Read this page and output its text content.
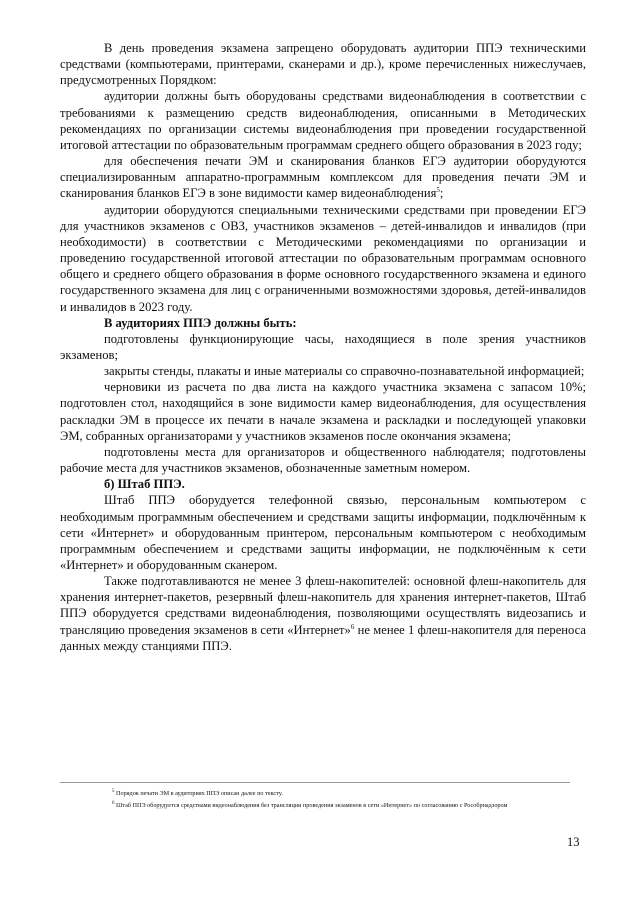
В день проведения экзамена запрещено оборудовать аудитории ППЭ техническими средствами (компьютерами, принтерами, сканерами и др.), кроме перечисленных нижеслучаев, предусмотренных Порядком:

аудитории должны быть оборудованы средствами видеонаблюдения в соответствии с требованиями к размещению средств видеонаблюдения, описанными в Методических рекомендациях по организации системы видеонаблюдения при проведении государственной итоговой аттестации по образовательным программам среднего общего образования в 2023 году;

для обеспечения печати ЭМ и сканирования бланков ЕГЭ аудитории оборудуются специализированным аппаратно-программным комплексом для проведения печати ЭМ и сканирования бланков ЕГЭ в зоне видимости камер видеонаблюдения$^5$;

аудитории оборудуются специальными техническими средствами при проведении ЕГЭ для участников экзаменов с ОВЗ, участников экзаменов – детей-инвалидов и инвалидов (при необходимости) в соответствии с Методическими рекомендациями по организации и проведению государственной итоговой аттестации по образовательным программам основного общего и среднего общего образования в форме основного государственного экзамена и единого государственного экзамена для лиц с ограниченными возможностями здоровья, детей-инвалидов и инвалидов в 2023 году.

В аудиториях ППЭ должны быть:

подготовлены функционирующие часы, находящиеся в поле зрения участников экзаменов;

закрыты стенды, плакаты и иные материалы со справочно-познавательной информацией;

черновики из расчета по два листа на каждого участника экзамена с запасом 10%; подготовлен стол, находящийся в зоне видимости камер видеонаблюдения, для осуществления раскладки ЭМ в процессе их печати в начале экзамена и раскладки и последующей упаковки ЭМ, собранных организаторами у участников экзаменов после окончания экзамена;

подготовлены места для организаторов и общественного наблюдателя; подготовлены рабочие места для участников экзаменов, обозначенные заметным номером.

б) Штаб ППЭ.

Штаб ППЭ оборудуется телефонной связью, персональным компьютером с необходимым программным обеспечением и средствами защиты информации, подключённым к сети «Интернет» и оборудованным принтером, персональным компьютером с необходимым программным обеспечением и средствами защиты информации, не подключённым к сети «Интернет» и оборудованным сканером.

Также подготавливаются не менее 3 флеш-накопителей: основной флеш-накопитель для хранения интернет-пакетов, резервный флеш-накопитель для хранения интернет-пакетов, Штаб ППЭ оборудуется средствами видеонаблюдения, позволяющими осуществлять видеозапись и трансляцию проведения экзаменов в сети «Интернет»$^6$ не менее 1 флеш-накопителя для переноса данных между станциями ППЭ.

$^5$ Порядок печати ЭМ в аудиториях ППЭ описан далее по тексту.

$^6$ Штаб ППЭ оборудуется средствами видеонаблюдения без трансляции проведения экзаменов в сети «Интернет» по согласованию с Рособрнадзором

13
